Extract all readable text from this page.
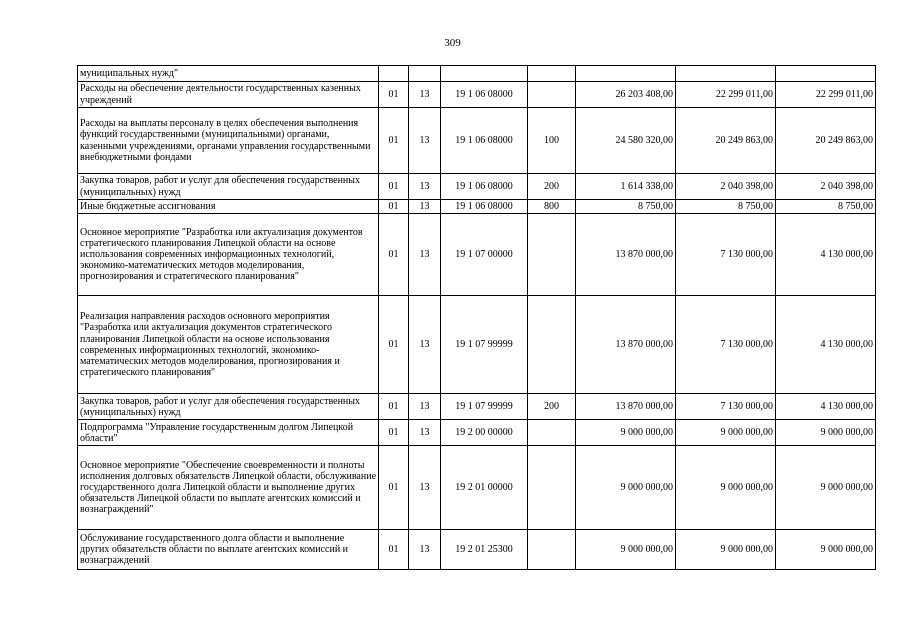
309
муниципальных нужд"							
Расходы на обеспечение деятельности государственных казенных учреждений	01	13	19 1 06 08000		26 203 408,00	22 299 011,00	22 299 011,00
Расходы на выплаты персоналу в целях обеспечения выполнения функций государственными (муниципальными) органами, казенными учреждениями, органами управления государственными внебюджетными фондами	01	13	19 1 06 08000	100	24 580 320,00	20 249 863,00	20 249 863,00
Закупка товаров, работ и услуг для обеспечения государственных (муниципальных) нужд	01	13	19 1 06 08000	200	1 614 338,00	2 040 398,00	2 040 398,00
Иные бюджетные ассигнования	01	13	19 1 06 08000	800	8 750,00	8 750,00	8 750,00
Основное мероприятие "Разработка или актуализация документов стратегического планирования Липецкой области на основе использования современных информационных технологий, экономико-математических методов моделирования, прогнозирования и стратегического планирования"	01	13	19 1 07 00000		13 870 000,00	7 130 000,00	4 130 000,00
Реализация направления расходов основного мероприятия "Разработка или актуализация документов стратегического планирования Липецкой области на основе использования современных информационных технологий, экономико-математических методов моделирования, прогнозирования и стратегического планирования"	01	13	19 1 07 99999		13 870 000,00	7 130 000,00	4 130 000,00
Закупка товаров, работ и услуг для обеспечения государственных (муниципальных) нужд	01	13	19 1 07 99999	200	13 870 000,00	7 130 000,00	4 130 000,00
Подпрограмма "Управление государственным долгом Липецкой области"	01	13	19 2 00 00000		9 000 000,00	9 000 000,00	9 000 000,00
Основное мероприятие "Обеспечение своевременности и полноты исполнения долговых обязательств Липецкой области, обслуживание государственного долга Липецкой области и выполнение других обязательств Липецкой области по выплате агентских комиссий и вознаграждений"	01	13	19 2 01 00000		9 000 000,00	9 000 000,00	9 000 000,00
Обслуживание государственного долга области и выполнение других обязательств области по выплате агентских комиссий и вознаграждений	01	13	19 2 01 25300		9 000 000,00	9 000 000,00	9 000 000,00
